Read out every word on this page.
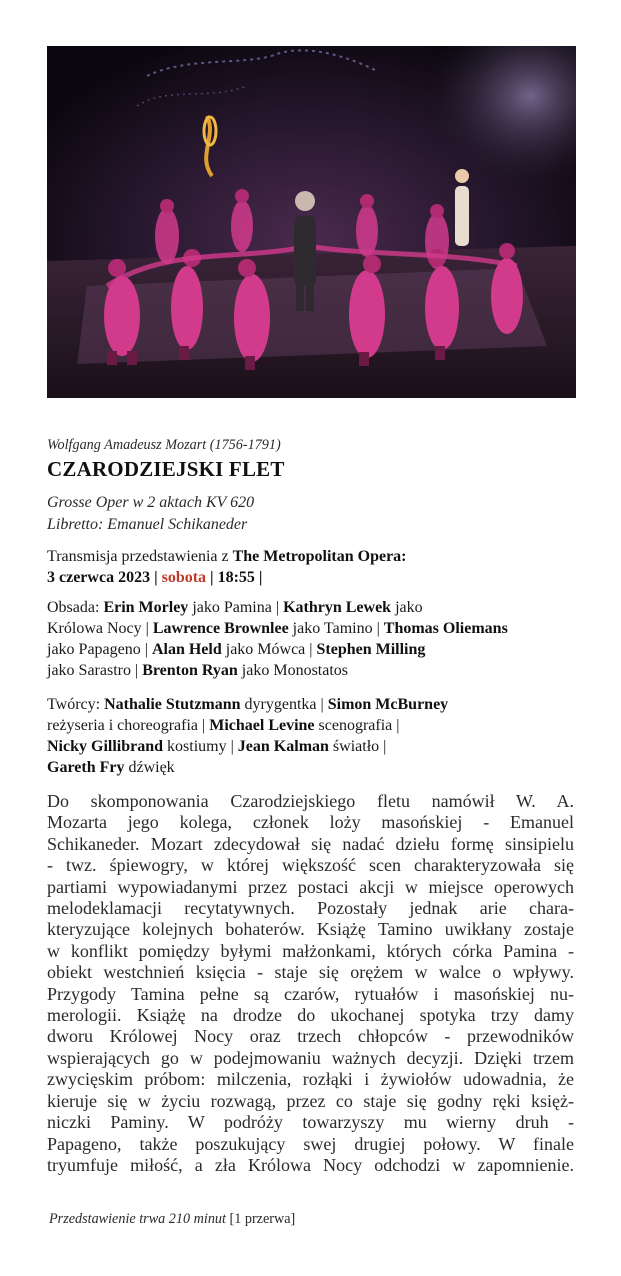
Wolfgang Amadeusz Mozart (1756-1791)
CZARODZIEJSKI FLET
Grosse Oper w 2 aktach KV 620
Libretto: Emanuel Schikaneder
Transmisja przedstawienia z The Metropolitan Opera:
3 czerwca 2023 | sobota | 18:55 |
Obsada: Erin Morley jako Pamina | Kathryn Lewek jako
Królowa Nocy | Lawrence Brownlee jako Tamino | Thomas Oliemans
jako Papageno | Alan Held jako Mówca | Stephen Milling
jako Sarastro | Brenton Ryan jako Monostatos
Twórcy: Nathalie Stutzmann dyrygentka | Simon McBurney
reżyseria i choreografia | Michael Levine scenografia |
Nicky Gillibrand kostiumy | Jean Kalman światło |
Gareth Fry dźwięk
Do skomponowania Czarodziejskiego fletu namówił W. A.
Mozarta jego kolega, członek loży masońskiej - Emanuel
Schikaneder. Mozart zdecydował się nadać dziełu formę sinsipielu
- twz. śpiewogry, w której większość scen charakteryzowała się
partiami wypowiadanymi przez postaci akcji w miejsce operowych
melodeklamacji recytatywnych. Pozostały jednak arie chara-
kteryzujące kolejnych bohaterów. Książę Tamino uwikłany zostaje
w konflikt pomiędzy byłymi małżonkami, których córka Pamina -
obiekt westchnień księcia - staje się orężem w walce o wpływy.
Przygody Tamina pełne są czarów, rytuałów i masońskiej nu-
merologii. Książę na drodze do ukochanej spotyka trzy damy
dworu Królowej Nocy oraz trzech chłopców - przewodników
wspierających go w podejmowaniu ważnych decyzji. Dzięki trzem
zwycięskim próbom: milczenia, rozłąki i żywiołów udowadnia, że
kieruje się w życiu rozwagą, przez co staje się godny ręki księż-
niczki Paminy. W podróży towarzyszy mu wierny druh -
Papageno, także poszukujący swej drugiej połowy. W finale
tryumfuje miłość, a zła Królowa Nocy odchodzi w zapomnienie.
Przedstawienie trwa 210 minut [1 przerwa]
